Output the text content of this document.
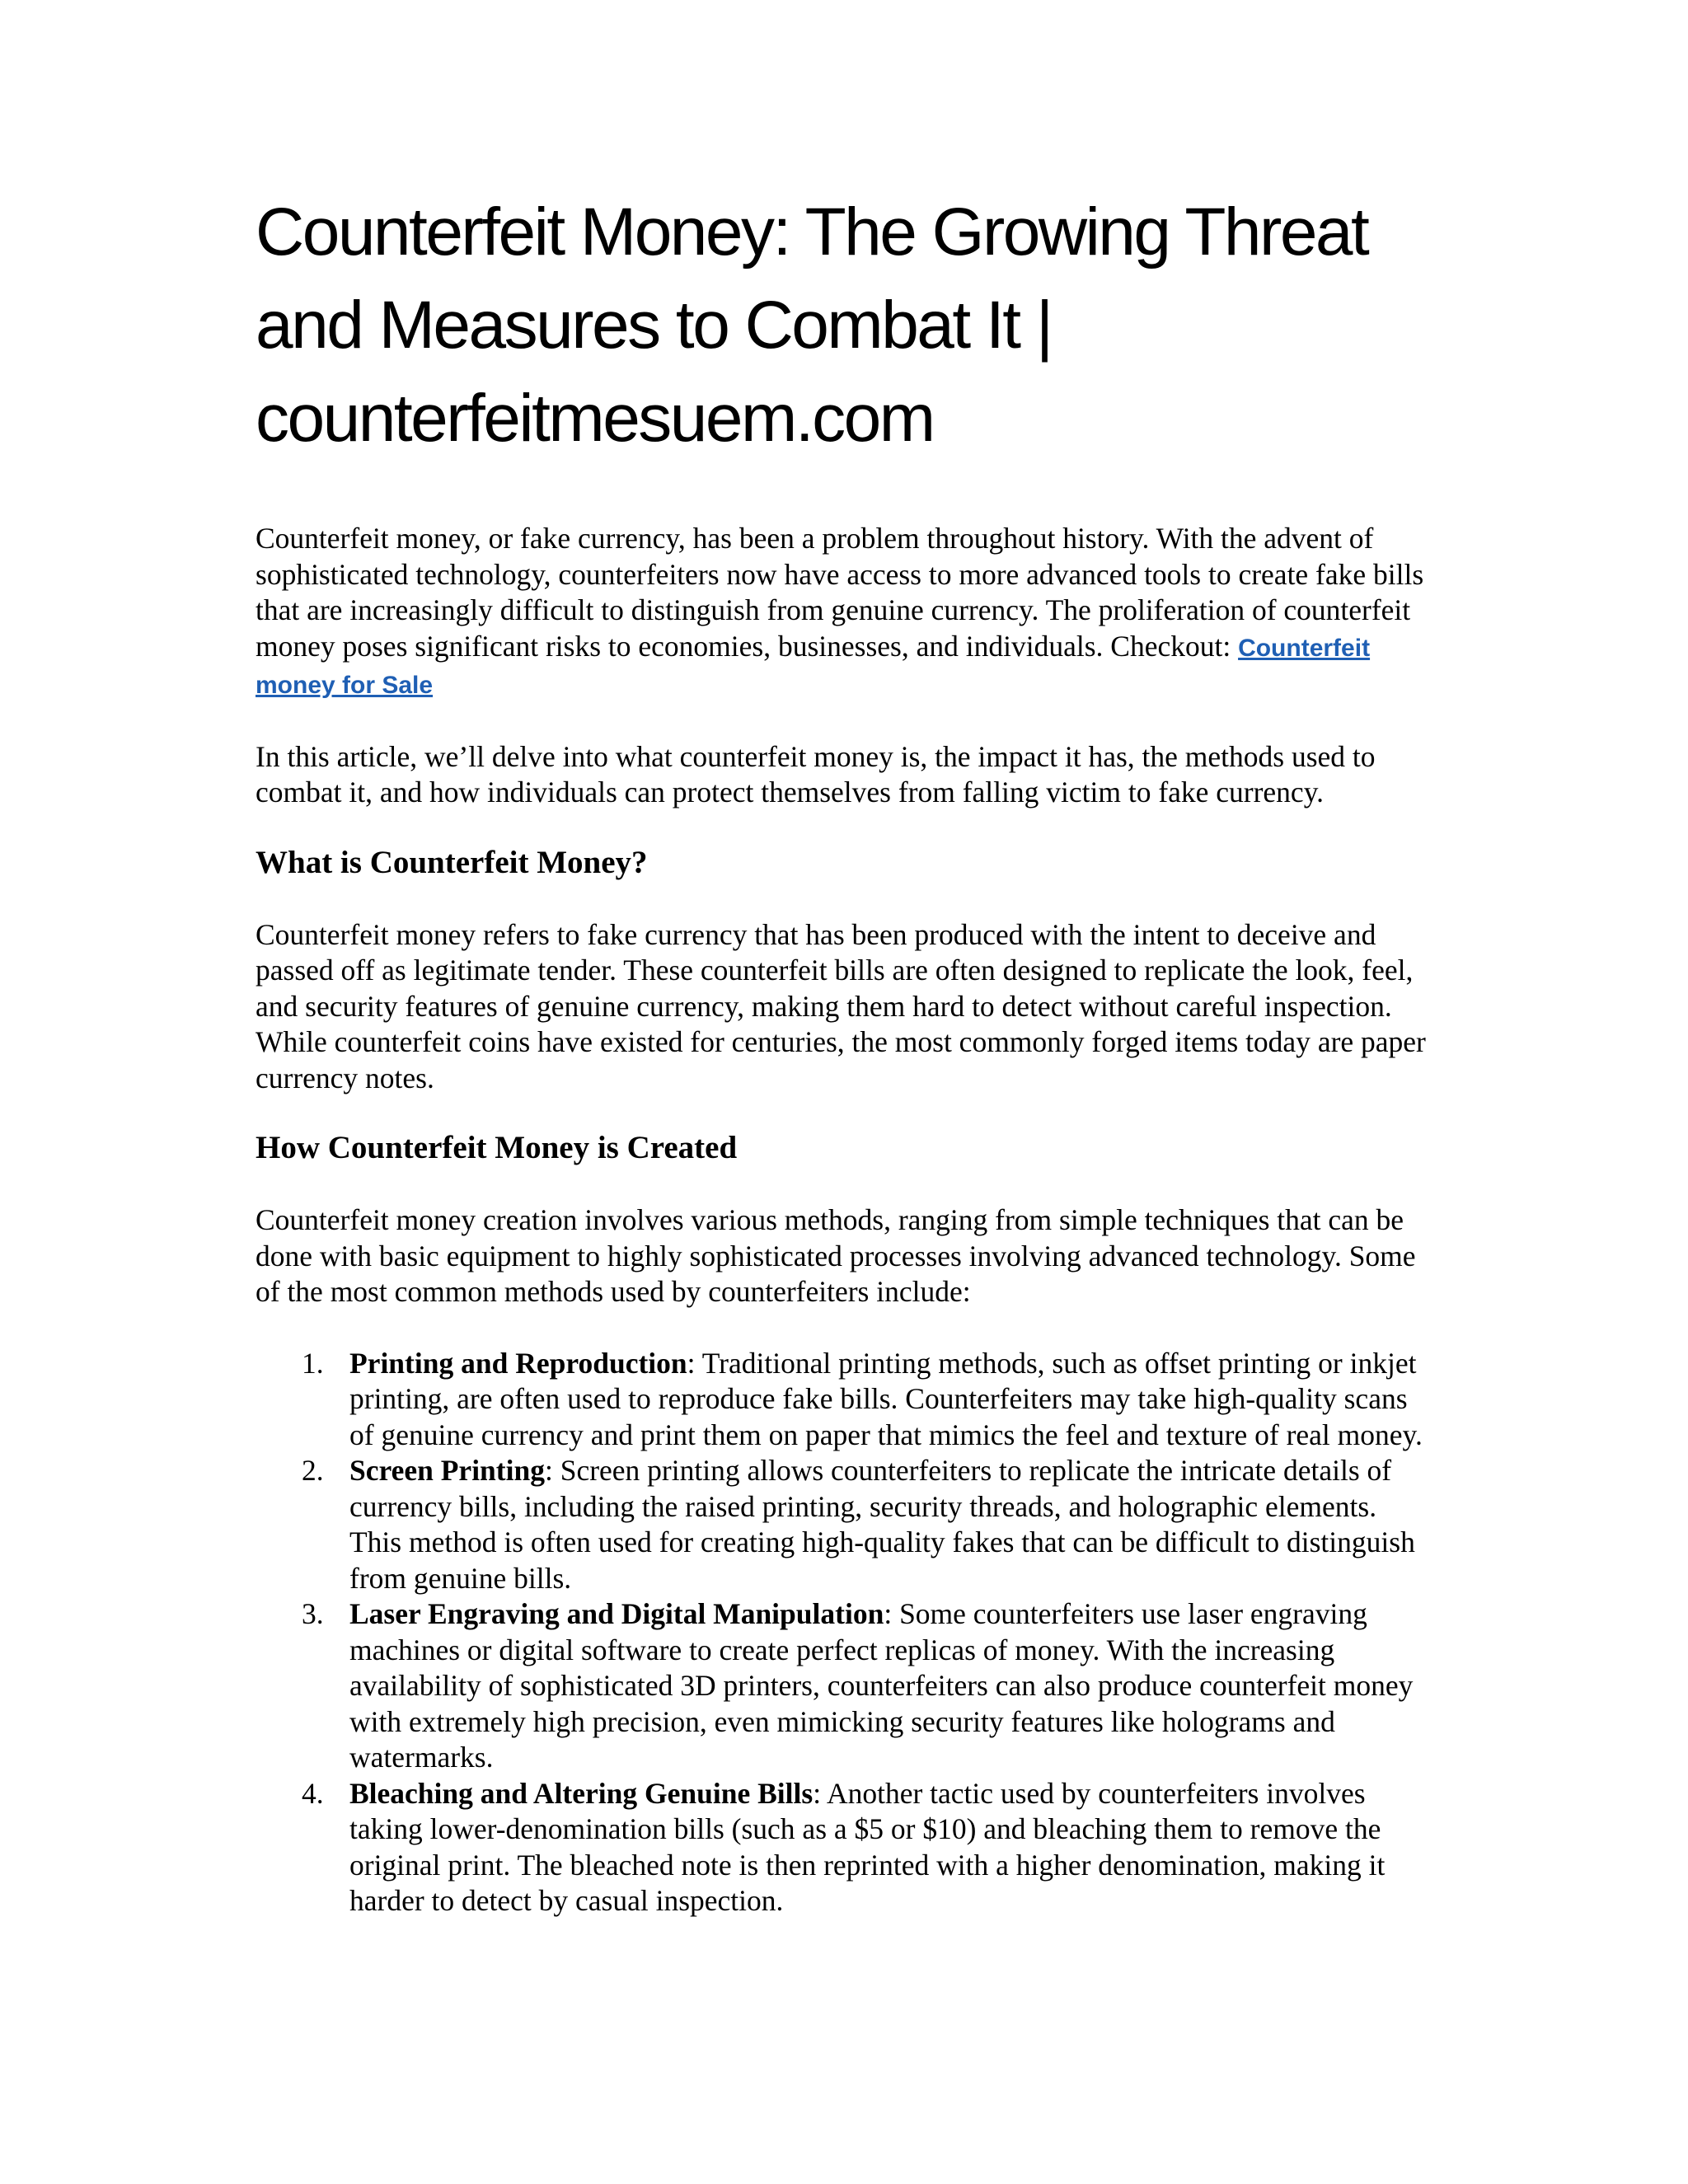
Counterfeit Money: The Growing Threat
and Measures to Combat It |
counterfeitmesuem.com

Counterfeit money, or fake currency, has been a problem throughout history. With the advent of sophisticated technology, counterfeiters now have access to more advanced tools to create fake bills that are increasingly difficult to distinguish from genuine currency. The proliferation of counterfeit money poses significant risks to economies, businesses, and individuals. Checkout: Counterfeit money for Sale

In this article, we’ll delve into what counterfeit money is, the impact it has, the methods used to combat it, and how individuals can protect themselves from falling victim to fake currency.

What is Counterfeit Money?

Counterfeit money refers to fake currency that has been produced with the intent to deceive and passed off as legitimate tender. These counterfeit bills are often designed to replicate the look, feel, and security features of genuine currency, making them hard to detect without careful inspection. While counterfeit coins have existed for centuries, the most commonly forged items today are paper currency notes.

How Counterfeit Money is Created

Counterfeit money creation involves various methods, ranging from simple techniques that can be done with basic equipment to highly sophisticated processes involving advanced technology. Some of the most common methods used by counterfeiters include:

1. Printing and Reproduction: Traditional printing methods, such as offset printing or inkjet printing, are often used to reproduce fake bills. Counterfeiters may take high-quality scans of genuine currency and print them on paper that mimics the feel and texture of real money.
2. Screen Printing: Screen printing allows counterfeiters to replicate the intricate details of currency bills, including the raised printing, security threads, and holographic elements. This method is often used for creating high-quality fakes that can be difficult to distinguish from genuine bills.
3. Laser Engraving and Digital Manipulation: Some counterfeiters use laser engraving machines or digital software to create perfect replicas of money. With the increasing availability of sophisticated 3D printers, counterfeiters can also produce counterfeit money with extremely high precision, even mimicking security features like holograms and watermarks.
4. Bleaching and Altering Genuine Bills: Another tactic used by counterfeiters involves taking lower-denomination bills (such as a $5 or $10) and bleaching them to remove the original print. The bleached note is then reprinted with a higher denomination, making it harder to detect by casual inspection.
